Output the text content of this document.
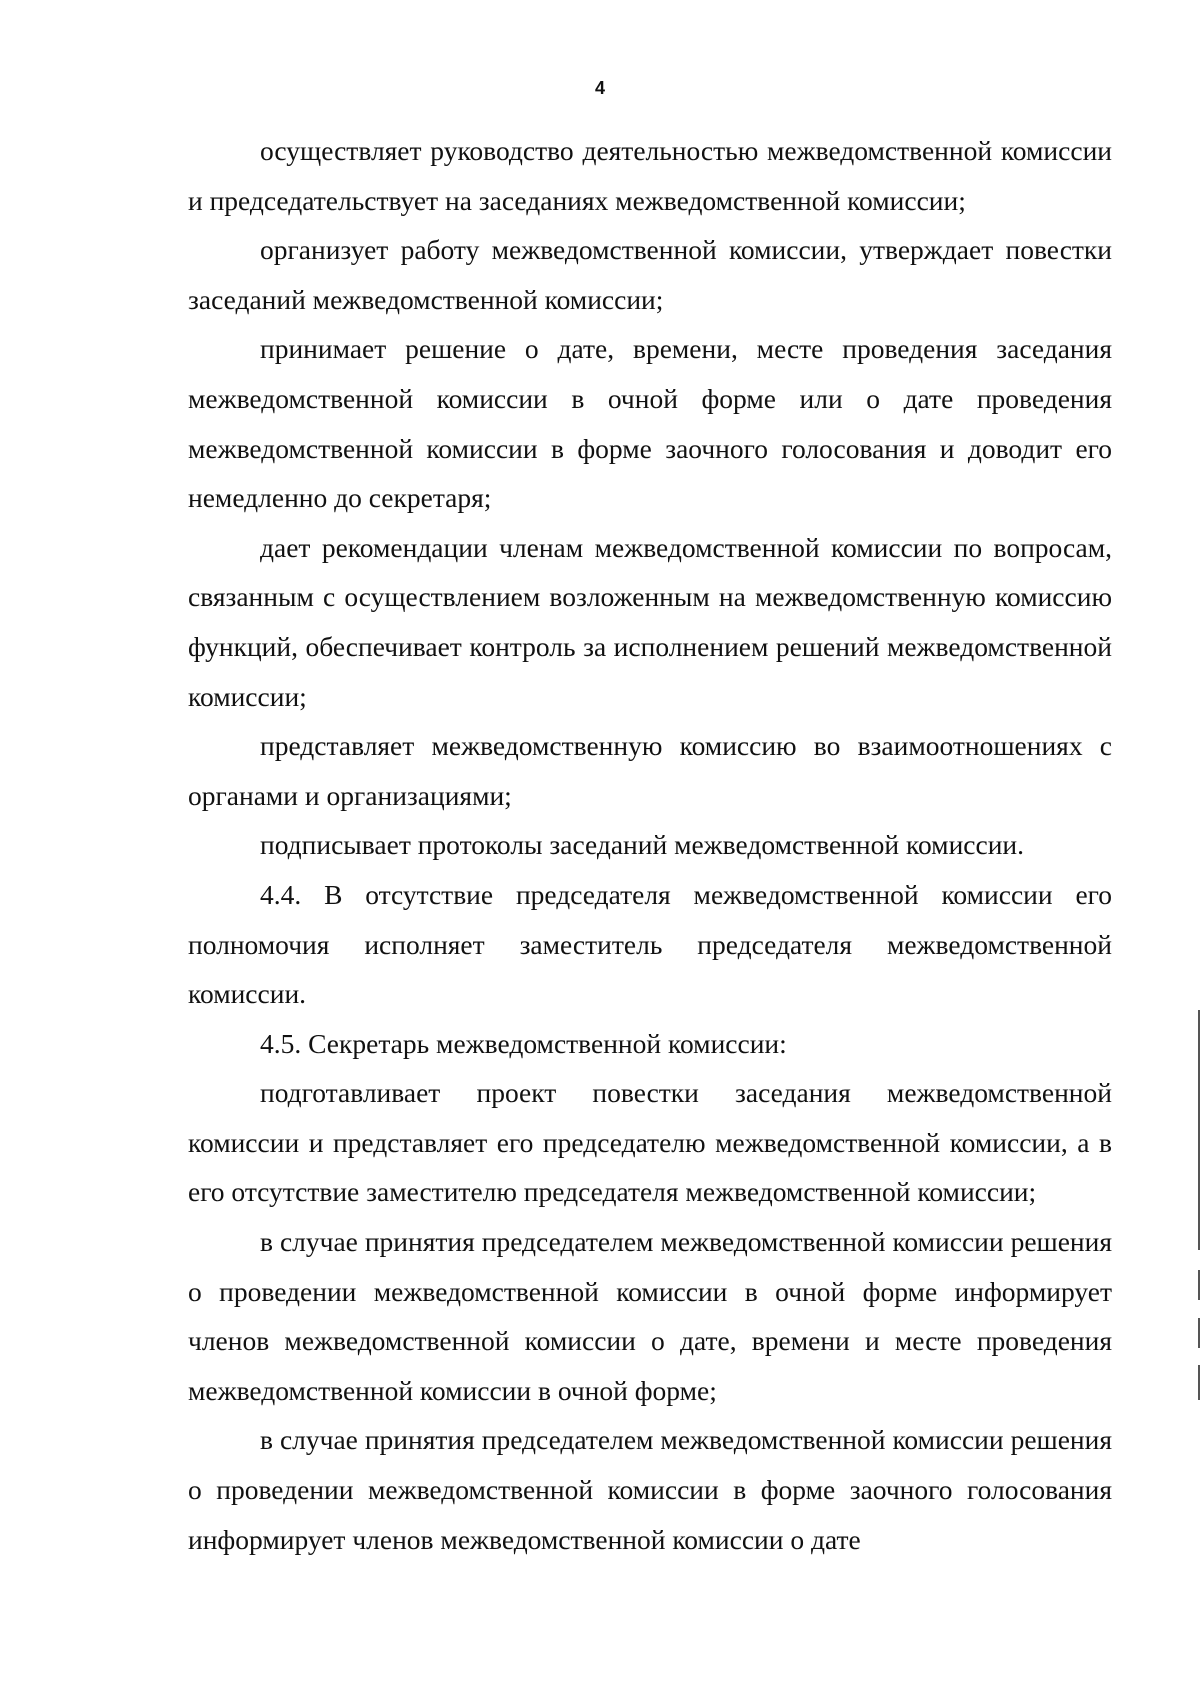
4

осуществляет руководство деятельностью межведомственной комиссии и председательствует на заседаниях межведомственной комиссии;

организует работу межведомственной комиссии, утверждает повестки заседаний межведомственной комиссии;

принимает решение о дате, времени, месте проведения заседания межведомственной комиссии в очной форме или о дате проведения межведомственной комиссии в форме заочного голосования и доводит его немедленно до секретаря;

дает рекомендации членам межведомственной комиссии по вопросам, связанным с осуществлением возложенным на межведомственную комиссию функций, обеспечивает контроль за исполнением решений межведомственной комиссии;

представляет межведомственную комиссию во взаимоотношениях с органами и организациями;

подписывает протоколы заседаний межведомственной комиссии.

4.4. В отсутствие председателя межведомственной комиссии его полномочия исполняет заместитель председателя межведомственной комиссии.

4.5. Секретарь межведомственной комиссии:

подготавливает проект повестки заседания межведомственной комиссии и представляет его председателю межведомственной комиссии, а в его отсутствие заместителю председателя межведомственной комиссии;

в случае принятия председателем межведомственной комиссии решения о проведении межведомственной комиссии в очной форме информирует членов межведомственной комиссии о дате, времени и месте проведения межведомственной комиссии в очной форме;

в случае принятия председателем межведомственной комиссии решения о проведении межведомственной комиссии в форме заочного голосования информирует членов межведомственной комиссии о дате
